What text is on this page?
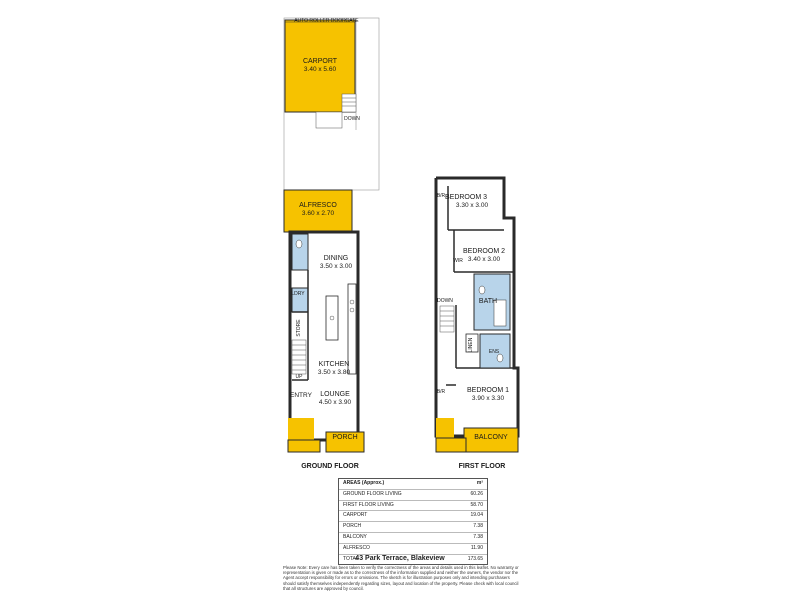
AUTO ROLLER DOOR GATE
DOWN
CARPORT
3.40 x 5.60
ALFRESCO
3.60 x 2.70
DINING
3.50 x 3.00
LDRY
STORE
UP
KITCHEN
3.50 x 3.80
LOUNGE
4.50 x 3.90
ENTRY
PORCH
GROUND FLOOR
BEDROOM 3
3.30 x 3.00
BEDROOM 2
3.40 x 3.00
BATH
ENS
LINEN
DOWN
WIR
B/R
B/R	BEDROOM 1
3.90 x 3.30
BALCONY
FIRST FLOOR
AREAS (Approx.)	m²
GROUND FLOOR LIVING	60.26
FIRST FLOOR LIVING	58.70
CARPORT	19.04
PORCH	7.38
BALCONY	7.38
ALFRESCO	11.90
TOTAL	173.65
43 Park Terrace, Blakeview
Please Note: Every care has been taken to verify the correctness of the areas and details used in this leaflet. No warranty or representation is given or made as to the correctness of the information supplied and neither the owners, the vendor nor the Agent accept responsibility for errors or omissions. The sketch is for illustration purposes only and intending purchasers should satisfy themselves independently regarding sizes, layout and location of the property. Please check with local council that all structures are approved by council.
